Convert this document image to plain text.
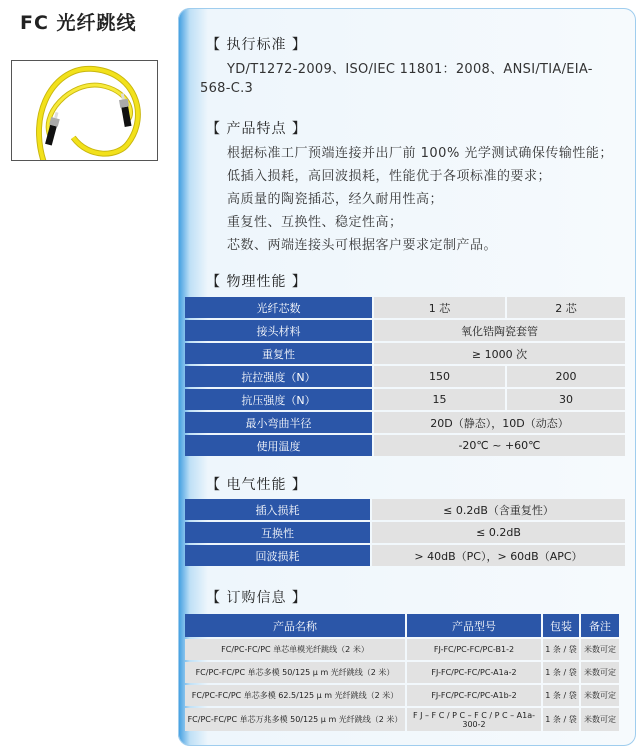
FC 光纤跳线
【 执行标准 】
YD/T1272-2009、ISO/IEC 11801：2008、ANSI/TIA/EIA-
568-C.3
【 产品特点 】
根据标准工厂预端连接并出厂前 100% 光学测试确保传输性能；
低插入损耗，高回波损耗，性能优于各项标准的要求；
高质量的陶瓷插芯，经久耐用性高；
重复性、互换性、稳定性高；
芯数、两端连接头可根据客户要求定制产品。
【 物理性能 】
光纤芯数	1 芯	2 芯
接头材料	氧化锆陶瓷套管	
重复性	≥ 1000 次	
抗拉强度（N）	150	200
抗压强度（N）	15	30
最小弯曲半径	20D（静态），10D（动态）	
使用温度	-20℃ ~ +60℃	
【 电气性能 】
插入损耗	≤ 0.2dB（含重复性）
互换性	≤ 0.2dB
回波损耗	> 40dB（PC），> 60dB（APC）
【 订购信息 】
产品名称	产品型号	包装	备注
FC/PC-FC/PC 单芯单模光纤跳线（2 米）	FJ-FC/PC-FC/PC-B1-2	1 条 / 袋	米数可定
FC/PC-FC/PC 单芯多模 50/125 μ m 光纤跳线（2 米）	FJ-FC/PC-FC/PC-A1a-2	1 条 / 袋	米数可定
FC/PC-FC/PC 单芯多模 62.5/125 μ m 光纤跳线（2 米）	FJ-FC/PC-FC/PC-A1b-2	1 条 / 袋	米数可定
FC/PC-FC/PC 单芯万兆多模 50/125 μ m 光纤跳线（2 米）	F J – F C / P C – F C / P C – A1a-300-2	1 条 / 袋	米数可定
